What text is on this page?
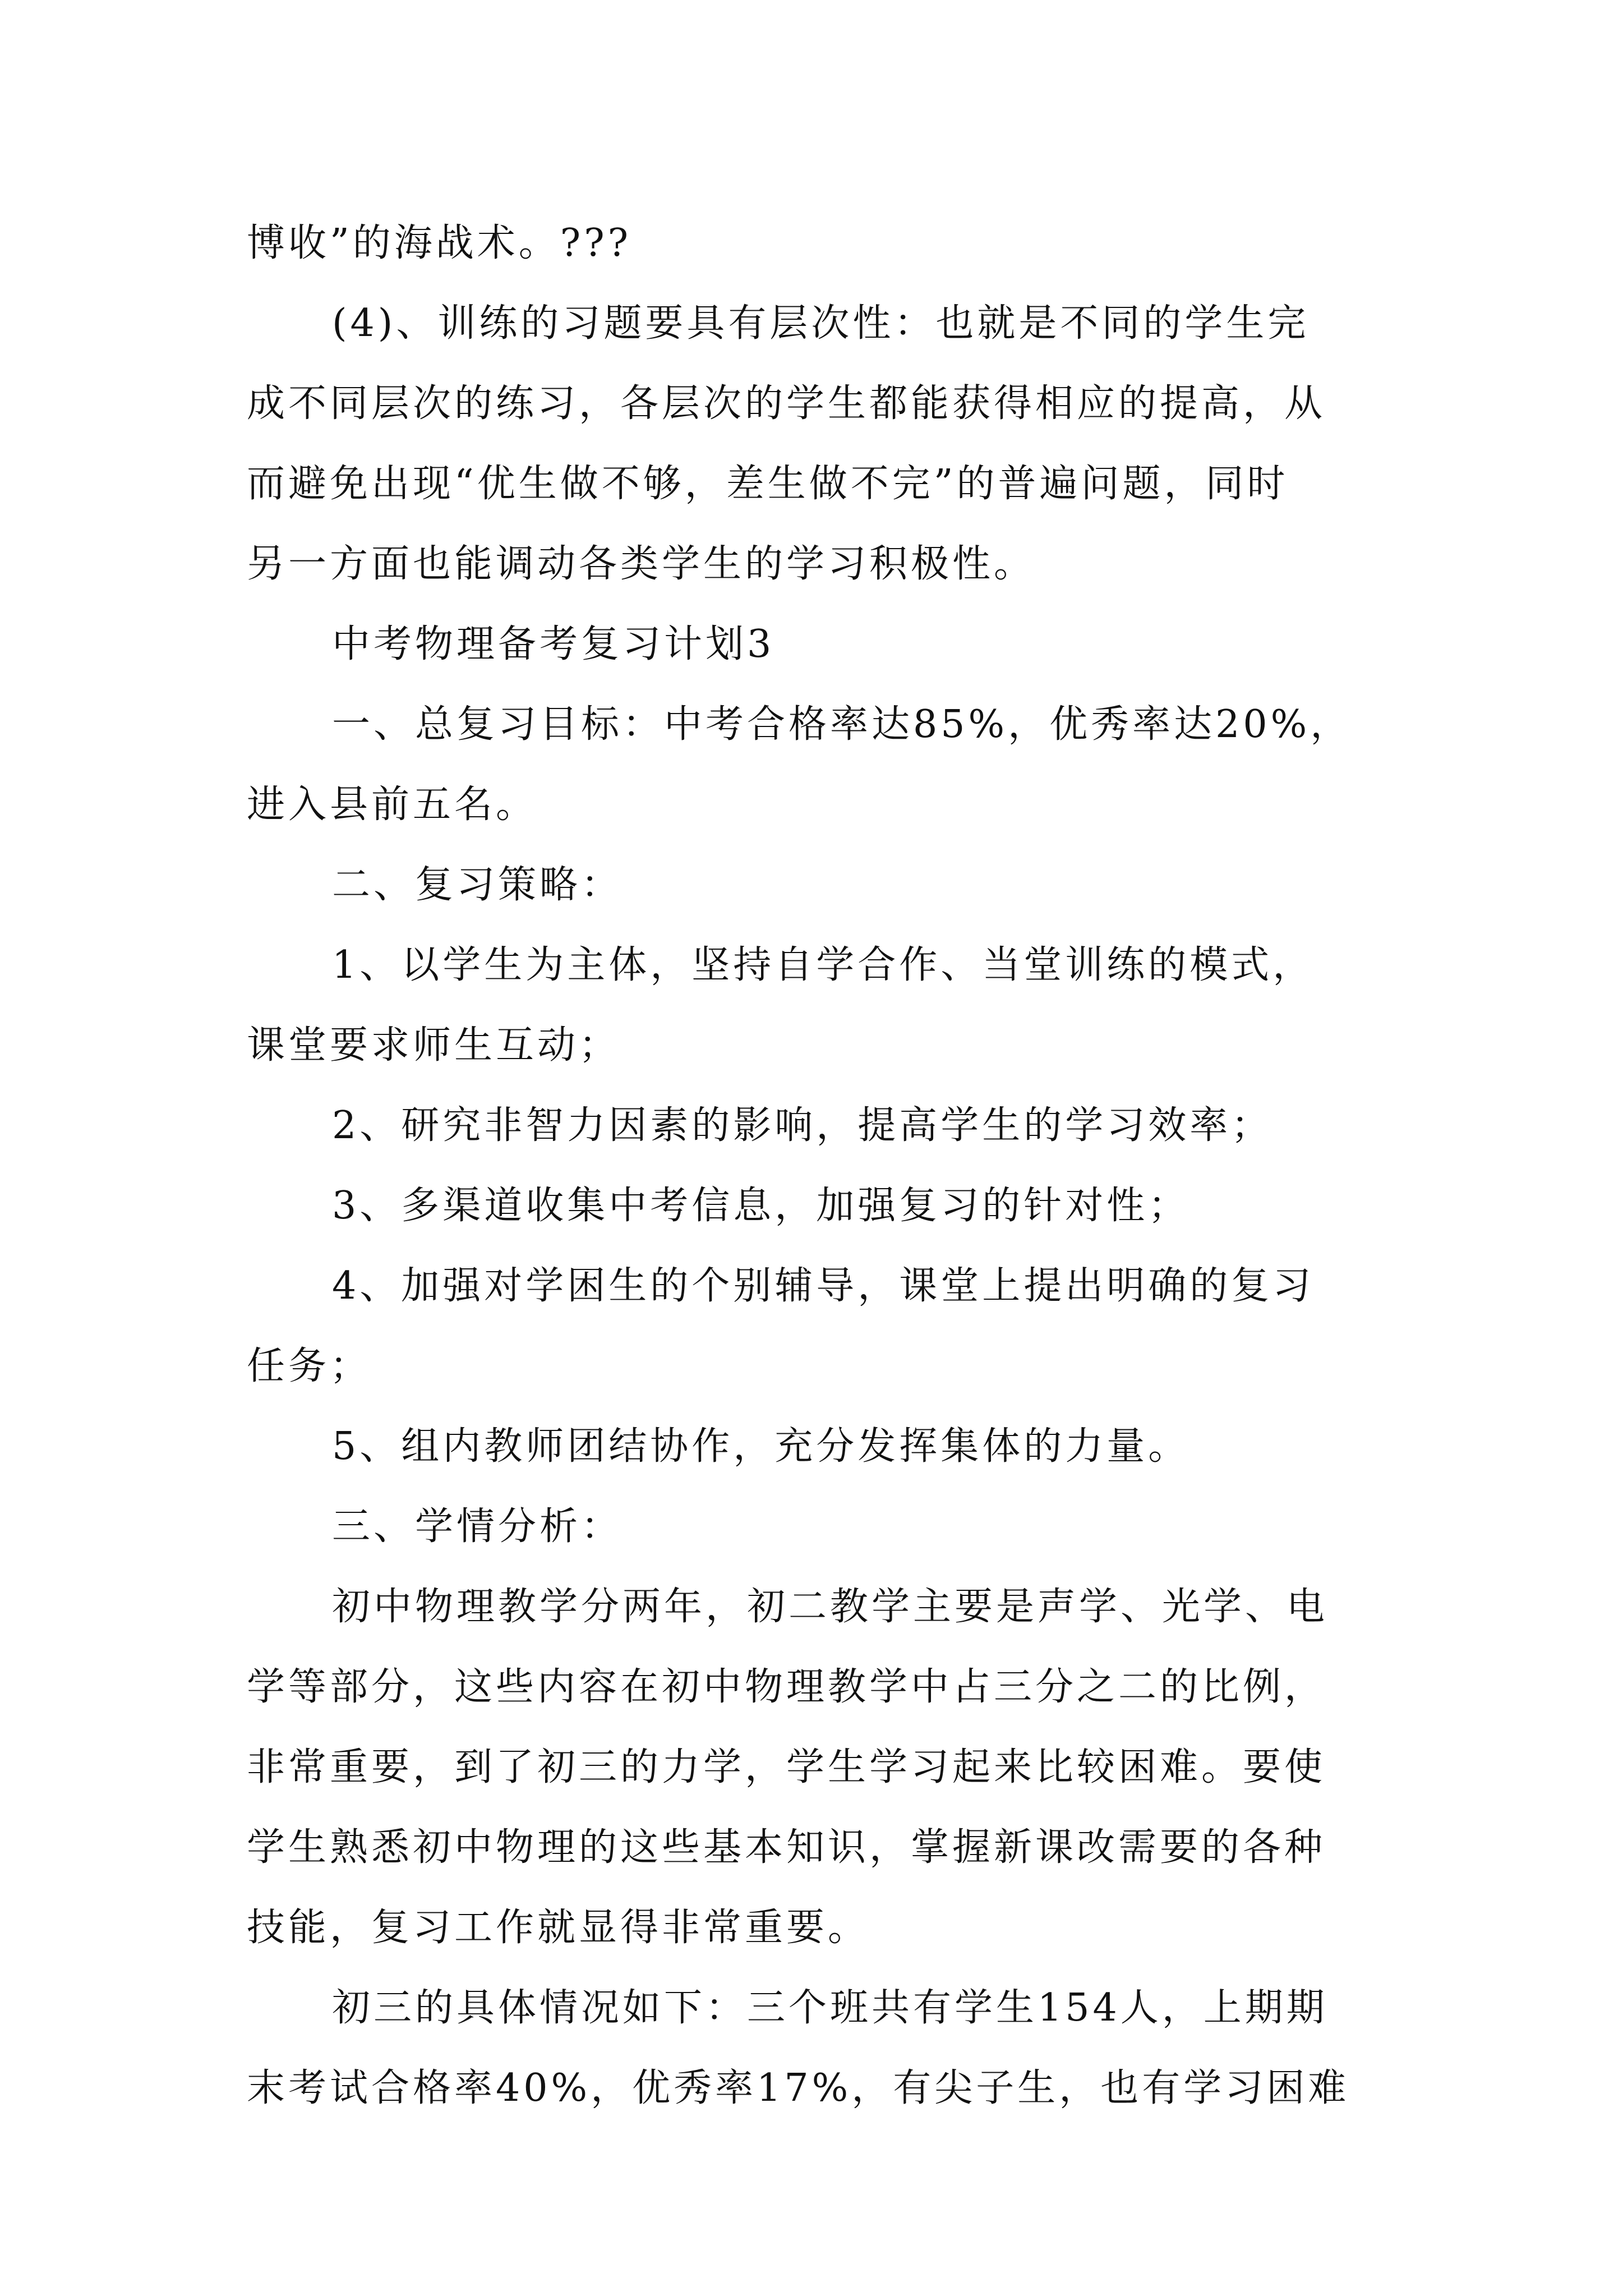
博收”的海战术。???
(4)、训练的习题要具有层次性：也就是不同的学生完
成不同层次的练习，各层次的学生都能获得相应的提高，从
而避免出现“优生做不够，差生做不完”的普遍问题，同时
另一方面也能调动各类学生的学习积极性。
中考物理备考复习计划3
一、总复习目标：中考合格率达85%，优秀率达20%，
进入县前五名。
二、复习策略：
1、以学生为主体，坚持自学合作、当堂训练的模式，
课堂要求师生互动；
2、研究非智力因素的影响，提高学生的学习效率；
3、多渠道收集中考信息，加强复习的针对性；
4、加强对学困生的个别辅导，课堂上提出明确的复习
任务；
5、组内教师团结协作，充分发挥集体的力量。
三、学情分析：
初中物理教学分两年，初二教学主要是声学、光学、电
学等部分，这些内容在初中物理教学中占三分之二的比例，
非常重要，到了初三的力学，学生学习起来比较困难。要使
学生熟悉初中物理的这些基本知识，掌握新课改需要的各种
技能，复习工作就显得非常重要。
初三的具体情况如下：三个班共有学生154人，上期期
末考试合格率40%，优秀率17%，有尖子生，也有学习困难
